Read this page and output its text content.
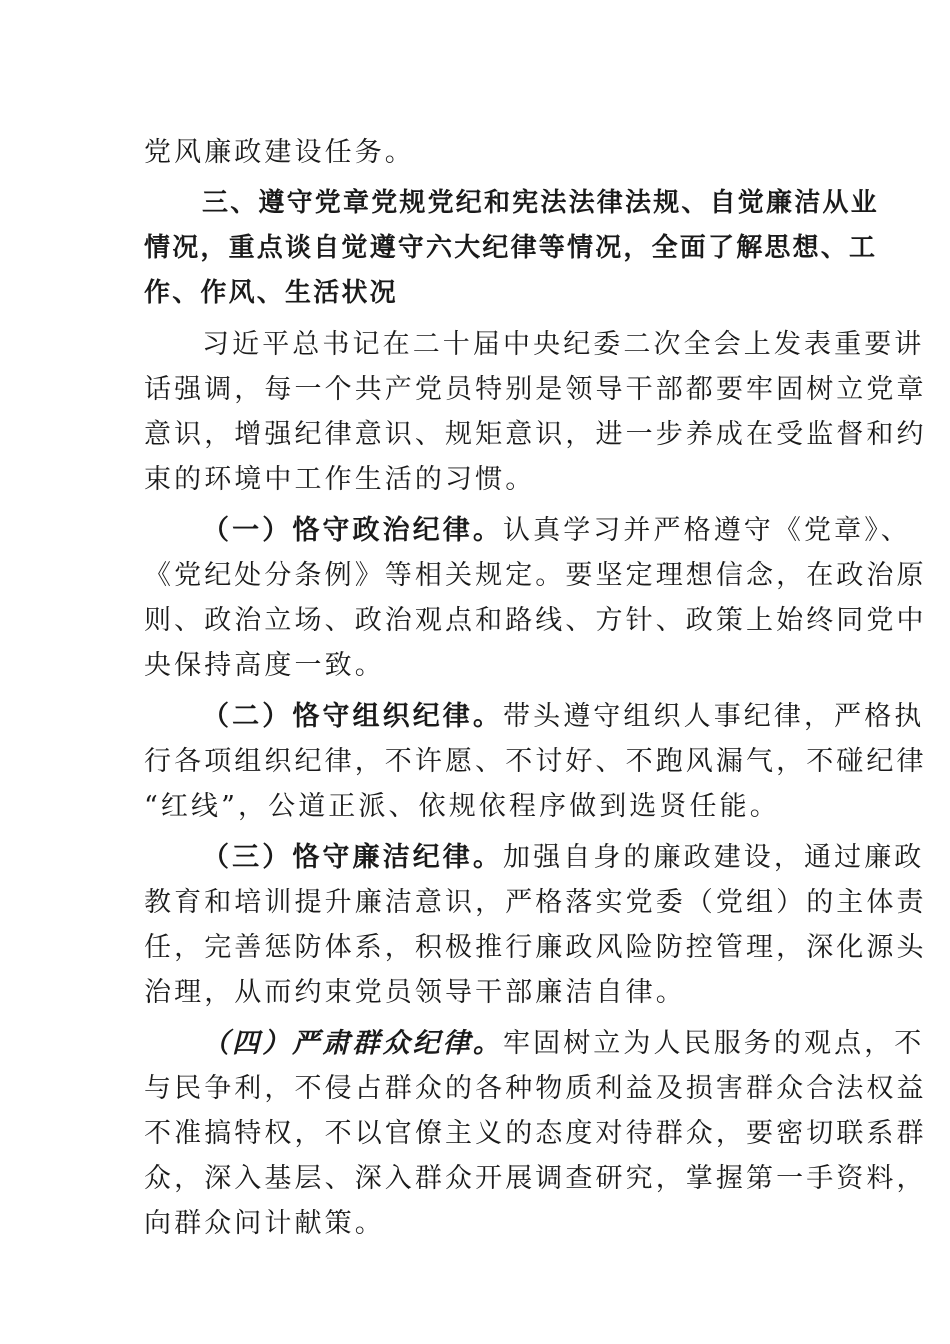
党风廉政建设任务。
三、遵守党章党规党纪和宪法法律法规、自觉廉洁从业
情况，重点谈自觉遵守六大纪律等情况，全面了解思想、工
作、作风、生活状况
习近平总书记在二十届中央纪委二次全会上发表重要讲
话强调，每一个共产党员特别是领导干部都要牢固树立党章
意识，增强纪律意识、规矩意识，进一步养成在受监督和约
束的环境中工作生活的习惯。
（一）恪守政治纪律。认真学习并严格遵守《党章》、
《党纪处分条例》等相关规定。要坚定理想信念，在政治原
则、政治立场、政治观点和路线、方针、政策上始终同党中
央保持高度一致。
（二）恪守组织纪律。带头遵守组织人事纪律，严格执
行各项组织纪律，不许愿、不讨好、不跑风漏气，不碰纪律
“红线”，公道正派、依规依程序做到选贤任能。
（三）恪守廉洁纪律。加强自身的廉政建设，通过廉政
教育和培训提升廉洁意识，严格落实党委（党组）的主体责
任，完善惩防体系，积极推行廉政风险防控管理，深化源头
治理，从而约束党员领导干部廉洁自律。
（四）严肃群众纪律。牢固树立为人民服务的观点，不
与民争利，不侵占群众的各种物质利益及损害群众合法权益
不准搞特权，不以官僚主义的态度对待群众，要密切联系群
众，深入基层、深入群众开展调查研究，掌握第一手资料，
向群众问计献策。
